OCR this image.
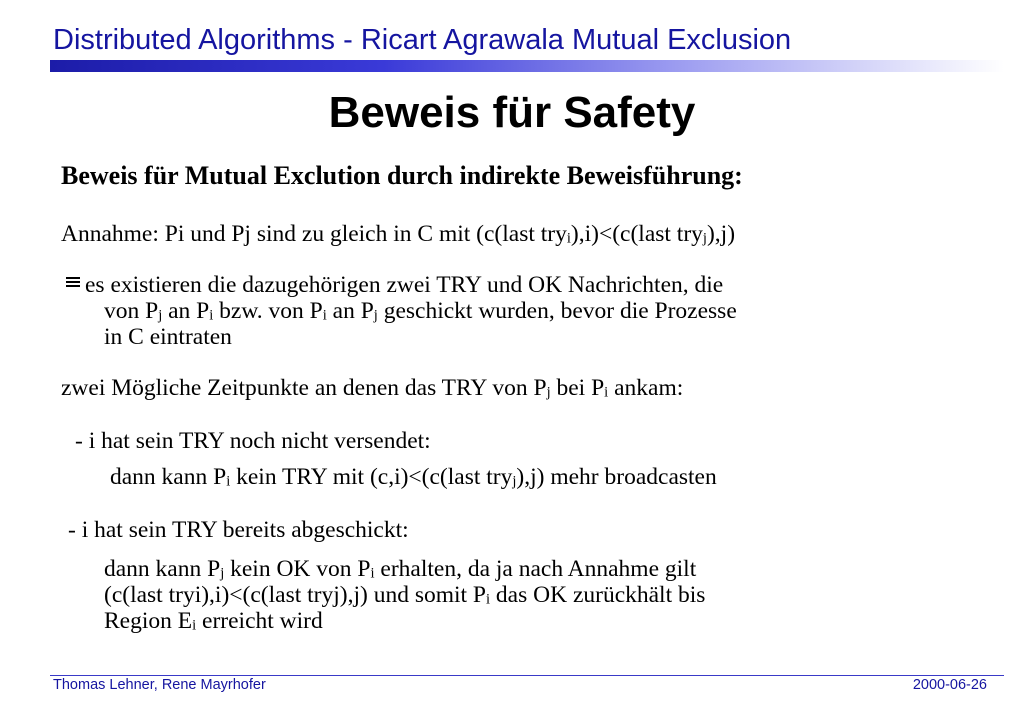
Distributed Algorithms - Ricart Agrawala Mutual Exclusion
Beweis für Safety
Beweis für Mutual Exclution durch indirekte Beweisführung:
Annahme: Pi und Pj sind zu gleich in C mit (c(last try$_i$),i)<(c(last try$_j$),j)
es existieren die dazugehörigen zwei TRY und OK Nachrichten, die
von $P_j$ an $P_i$ bzw. von $P_i$ an $P_j$ geschickt wurden, bevor die Prozesse
in C eintraten
zwei Mögliche Zeitpunkte an denen das TRY von $P_j$ bei $P_i$ ankam:
- i hat sein TRY noch nicht versendet:
dann kann $P_i$ kein TRY mit (c,i)<(c(last try$_j$),j) mehr broadcasten
- i hat sein TRY bereits abgeschickt:
dann kann $P_j$ kein OK von $P_i$ erhalten, da ja nach Annahme gilt
(c(last tryi),i)<(c(last tryj),j) und somit $P_i$ das OK zurückhält bis
Region $E_i$ erreicht wird
Thomas Lehner, Rene Mayrhofer	2000-06-26
